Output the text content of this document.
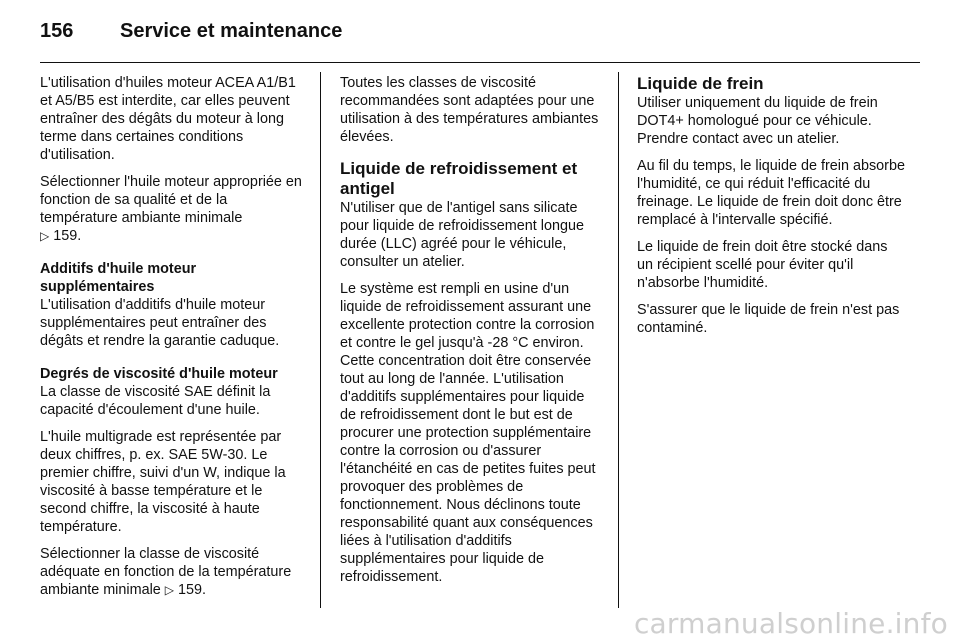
156	Service et maintenance

L'utilisation d'huiles moteur ACEA A1/B1 et A5/B5 est interdite, car elles peuvent entraîner des dégâts du moteur à long terme dans certaines conditions d'utilisation.

Sélectionner l'huile moteur appropriée en fonction de sa qualité et de la température ambiante minimale
▷ 159.

Additifs d'huile moteur supplémentaires

L'utilisation d'additifs d'huile moteur supplémentaires peut entraîner des dégâts et rendre la garantie caduque.

Degrés de viscosité d'huile moteur

La classe de viscosité SAE définit la capacité d'écoulement d'une huile.

L'huile multigrade est représentée par deux chiffres, p. ex. SAE 5W-30. Le premier chiffre, suivi d'un W, indique la viscosité à basse température et le second chiffre, la viscosité à haute température.

Sélectionner la classe de viscosité adéquate en fonction de la température ambiante minimale ▷ 159.

Toutes les classes de viscosité recommandées sont adaptées pour une utilisation à des températures ambiantes élevées.

Liquide de refroidissement et antigel

N'utiliser que de l'antigel sans silicate pour liquide de refroidissement longue durée (LLC) agréé pour le véhicule, consulter un atelier.

Le système est rempli en usine d'un liquide de refroidissement assurant une excellente protection contre la corrosion et contre le gel jusqu'à -28 °C environ. Cette concentration doit être conservée tout au long de l'année. L'utilisation d'additifs supplémentaires pour liquide de refroidissement dont le but est de procurer une protection supplémentaire contre la corrosion ou d'assurer l'étanchéité en cas de petites fuites peut provoquer des problèmes de fonctionnement. Nous déclinons toute responsabilité quant aux conséquences liées à l'utilisation d'additifs supplémentaires pour liquide de refroidissement.

Liquide de frein

Utiliser uniquement du liquide de frein DOT4+ homologué pour ce véhicule. Prendre contact avec un atelier.

Au fil du temps, le liquide de frein absorbe l'humidité, ce qui réduit l'efficacité du freinage. Le liquide de frein doit donc être remplacé à l'intervalle spécifié.

Le liquide de frein doit être stocké dans un récipient scellé pour éviter qu'il n'absorbe l'humidité.

S'assurer que le liquide de frein n'est pas contaminé.

carmanualsonline.info
